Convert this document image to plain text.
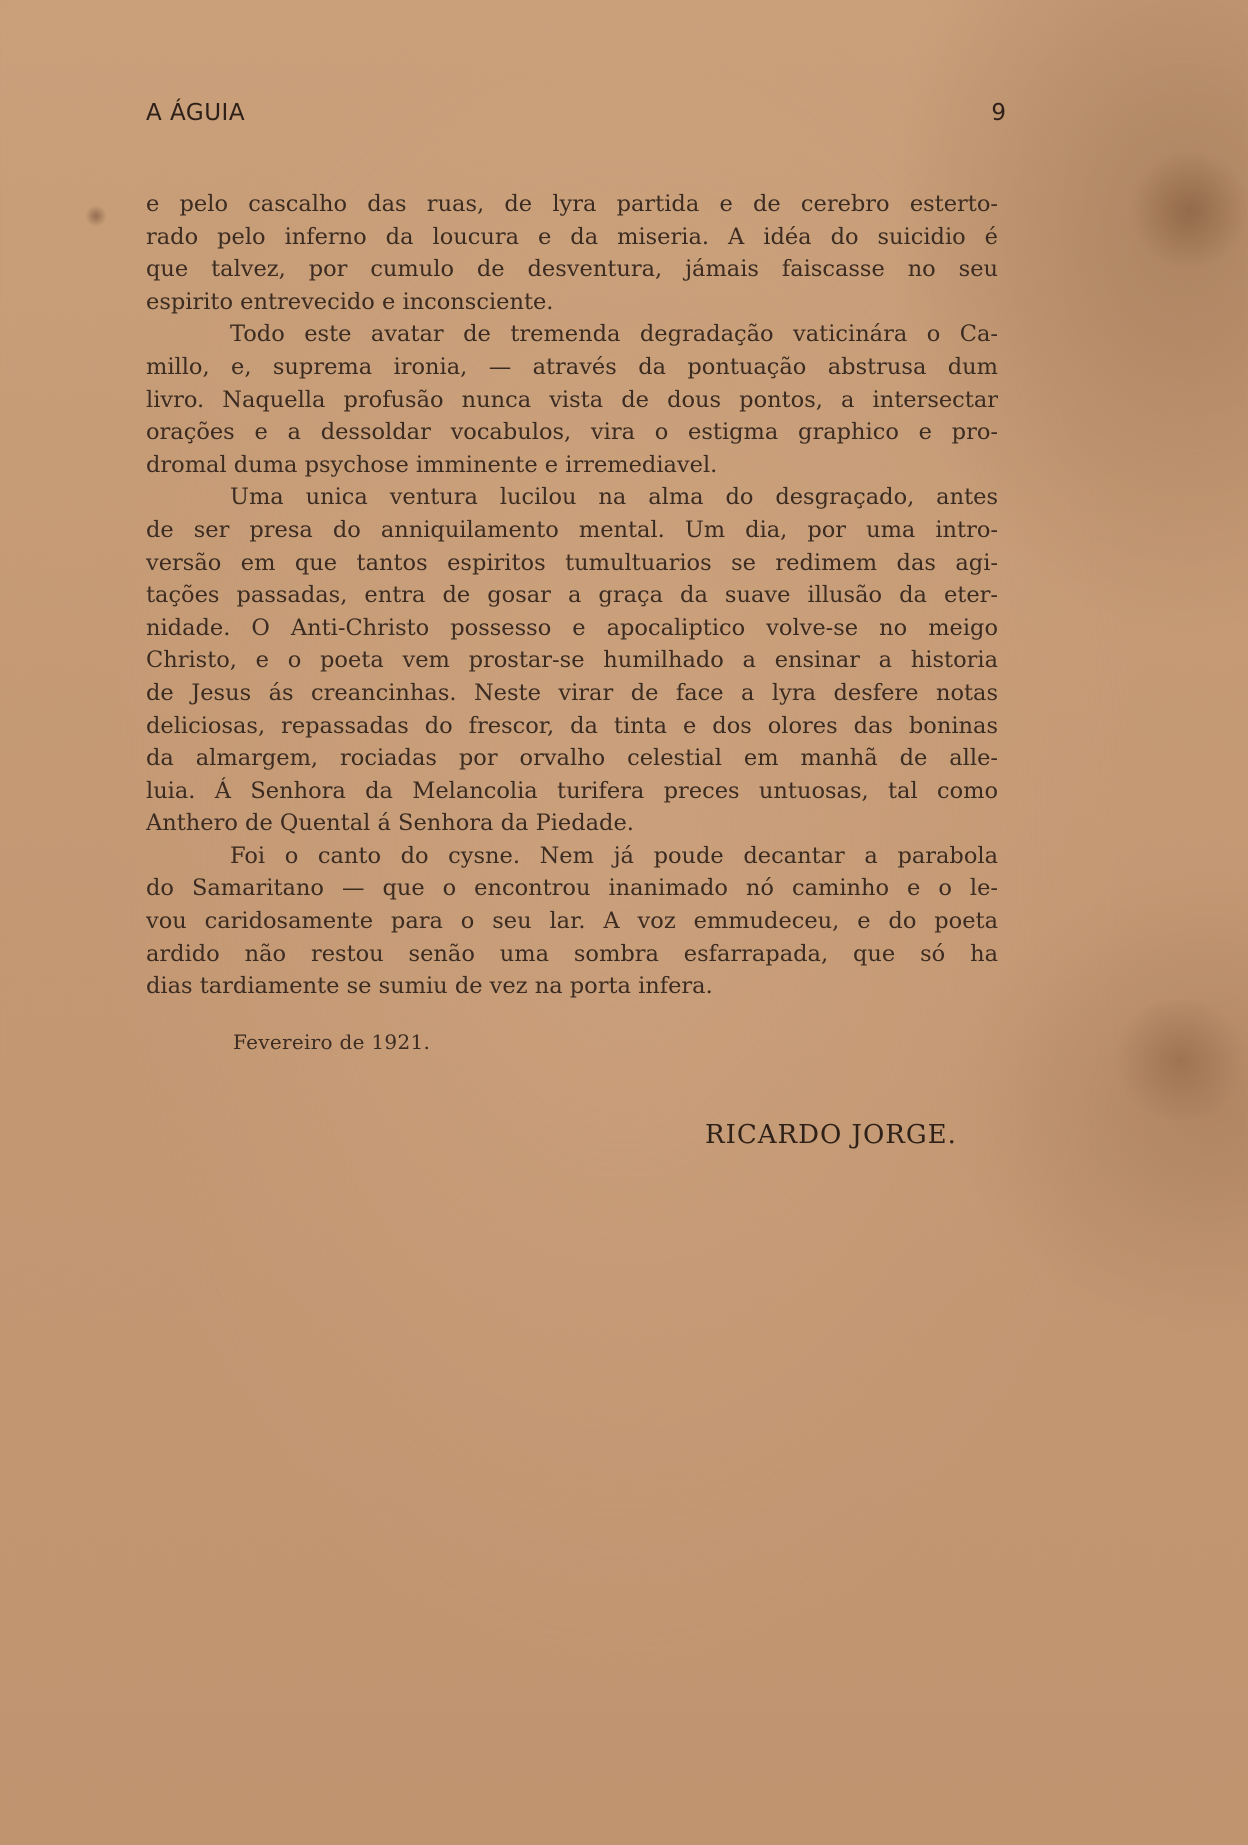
A ÁGUIA	9
e pelo cascalho das ruas, de lyra partida e de cerebro esterto-
rado pelo inferno da loucura e da miseria. A idéa do suicidio é
que talvez, por cumulo de desventura, jámais faiscasse no seu
espirito entrevecido e inconsciente.
Todo este avatar de tremenda degradação vaticinára o Ca-
millo, e, suprema ironia, — através da pontuação abstrusa dum
livro. Naquella profusão nunca vista de dous pontos, a intersectar
orações e a dessoldar vocabulos, vira o estigma graphico e pro-
dromal duma psychose imminente e irremediavel.
Uma unica ventura lucilou na alma do desgraçado, antes
de ser presa do anniquilamento mental. Um dia, por uma intro-
versão em que tantos espiritos tumultuarios se redimem das agi-
tações passadas, entra de gosar a graça da suave illusão da eter-
nidade. O Anti-Christo possesso e apocaliptico volve-se no meigo
Christo, e o poeta vem prostar-se humilhado a ensinar a historia
de Jesus ás creancinhas. Neste virar de face a lyra desfere notas
deliciosas, repassadas do frescor, da tinta e dos olores das boninas
da almargem, rociadas por orvalho celestial em manhã de alle-
luia. Á Senhora da Melancolia turifera preces untuosas, tal como
Anthero de Quental á Senhora da Piedade.
Foi o canto do cysne. Nem já poude decantar a parabola
do Samaritano — que o encontrou inanimado nó caminho e o le-
vou caridosamente para o seu lar. A voz emmudeceu, e do poeta
ardido não restou senão uma sombra esfarrapada, que só ha
dias tardiamente se sumiu de vez na porta infera.
Fevereiro de 1921.
RICARDO JORGE.
